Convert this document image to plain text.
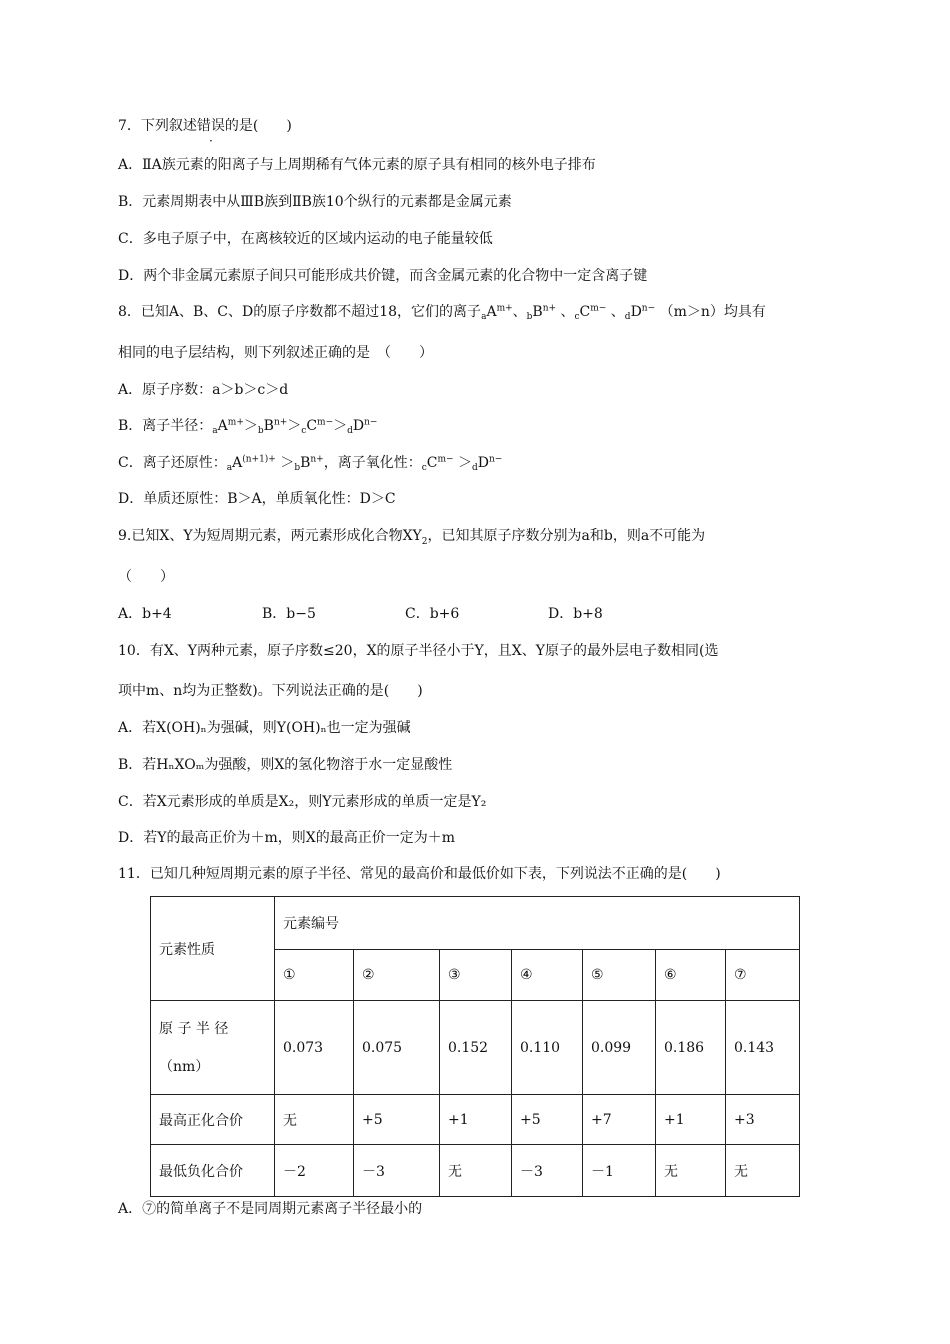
7．下列叙述错误的是(　　)
A．ⅡA族元素的阳离子与上周期稀有气体元素的原子具有相同的核外电子排布
B．元素周期表中从ⅢB族到ⅡB族10个纵行的元素都是金属元素
C．多电子原子中，在离核较近的区域内运动的电子能量较低
D．两个非金属元素原子间只可能形成共价键，而含金属元素的化合物中一定含离子键
8．已知A、B、C、D的原子序数都不超过18，它们的离子$_aA^{m+}$、$_bB^{n+}$ 、$_cC^{m-}$ 、$_dD^{n-}$ （m＞n）均具有
相同的电子层结构，则下列叙述正确的是　（　　）
A．原子序数：a＞b＞c＞d
B．离子半径：$_aA^{m+}>_bB^{n+}>_cC^{m-}>_dD^{n-}$
C．离子还原性：$_aA^{(n+1)+} >_bB^{n+}$，离子氧化性：$_cC^{m-} >_dD^{n-}$
D．单质还原性：B＞A，单质氧化性：D＞C
9.已知X、Y为短周期元素，两元素形成化合物$XY_2$，已知其原子序数分别为a和b，则a不可能为
（　　）
A．b+4	B．b−5	C．b+6	D．b+8
10．有X、Y两种元素，原子序数≤20，X的原子半径小于Y，且X、Y原子的最外层电子数相同(选
项中m、n均为正整数)。下列说法正确的是(　　)
A．若X(OH)ₙ为强碱，则Y(OH)ₙ也一定为强碱
B．若HₙXOₘ为强酸，则X的氢化物溶于水一定显酸性
C．若X元素形成的单质是X₂，则Y元素形成的单质一定是Y₂
D．若Y的最高正价为＋m，则X的最高正价一定为＋m
11．已知几种短周期元素的原子半径、常见的最高价和最低价如下表，下列说法不正确的是(　　)
元素性质	元素编号						
	①	②	③	④	⑤	⑥	⑦

原 子 半 径
（nm）	0.073	0.075	0.152	0.110	0.099	0.186	0.143
最高正化合价	无	+5	+1	+5	+7	+1	+3
最低负化合价	－2	－3	无	－3	－1	无	无
A．⑦的简单离子不是同周期元素离子半径最小的
